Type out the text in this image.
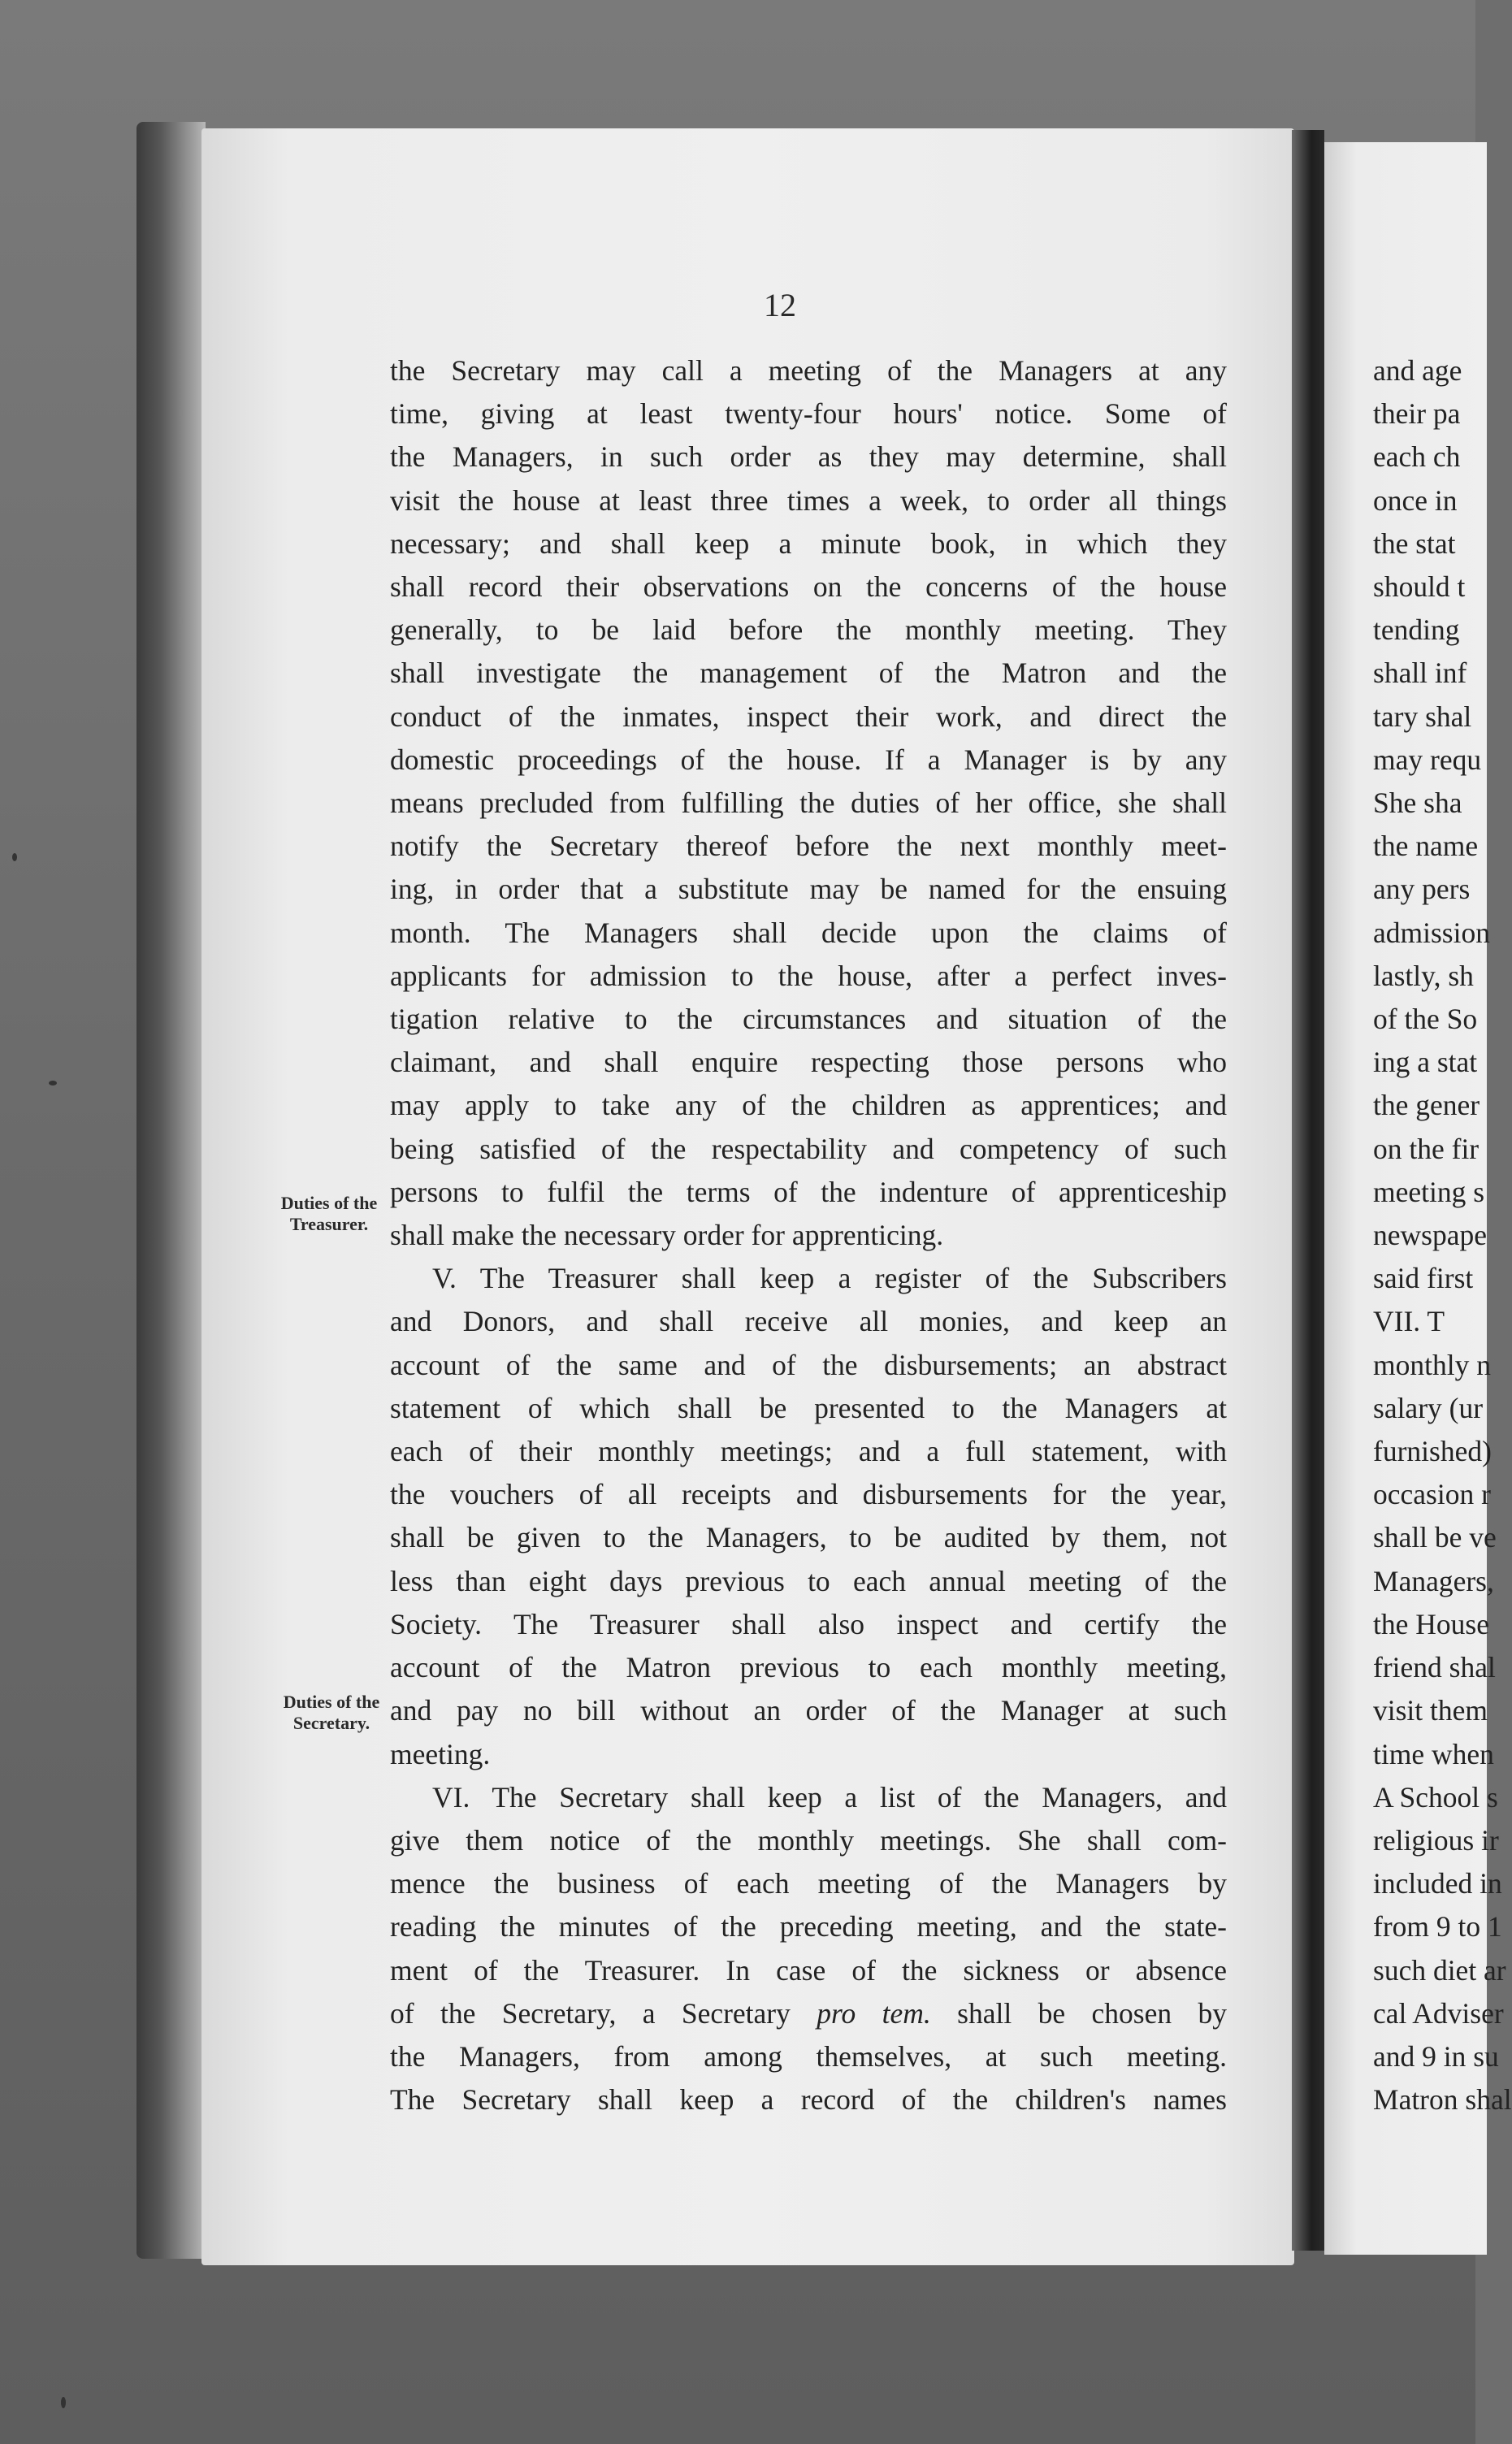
12
the Secretary may call a meeting of the Managers at any
time, giving at least twenty-four hours' notice. Some of
the Managers, in such order as they may determine, shall
visit the house at least three times a week, to order all things
necessary; and shall keep a minute book, in which they
shall record their observations on the concerns of the house
generally, to be laid before the monthly meeting. They
shall investigate the management of the Matron and the
conduct of the inmates, inspect their work, and direct the
domestic proceedings of the house. If a Manager is by any
means precluded from fulfilling the duties of her office, she shall
notify the Secretary thereof before the next monthly meet-
ing, in order that a substitute may be named for the ensuing
month. The Managers shall decide upon the claims of
applicants for admission to the house, after a perfect inves-
tigation relative to the circumstances and situation of the
claimant, and shall enquire respecting those persons who
may apply to take any of the children as apprentices; and
being satisfied of the respectability and competency of such
persons to fulfil the terms of the indenture of apprenticeship
shall make the necessary order for apprenticing.
V. The Treasurer shall keep a register of the Subscribers
and Donors, and shall receive all monies, and keep an
account of the same and of the disbursements; an abstract
statement of which shall be presented to the Managers at
each of their monthly meetings; and a full statement, with
the vouchers of all receipts and disbursements for the year,
shall be given to the Managers, to be audited by them, not
less than eight days previous to each annual meeting of the
Society. The Treasurer shall also inspect and certify the
account of the Matron previous to each monthly meeting,
and pay no bill without an order of the Manager at such
meeting.
VI. The Secretary shall keep a list of the Managers, and
give them notice of the monthly meetings. She shall com-
mence the business of each meeting of the Managers by
reading the minutes of the preceding meeting, and the state-
ment of the Treasurer. In case of the sickness or absence
of the Secretary, a Secretary pro tem. shall be chosen by
the Managers, from among themselves, at such meeting.
The Secretary shall keep a record of the children's names
Duties of the
Treasurer.
Duties of the
Secretary.
and age
their pa
each ch
once in
the stat
should t
tending
shall inf
tary shal
may requ
She sha
the name
any pers
admission
lastly, sh
of the So
ing a stat
the gener
on the fir
meeting s
newspape
said first
VII. T
monthly n
salary (ur
furnished)
occasion r
shall be ve
Managers,
the House
friend shal
visit them
time when
A School s
religious ir
included in
from 9 to 1
such diet ar
cal Adviser
and 9 in su
Matron shal
